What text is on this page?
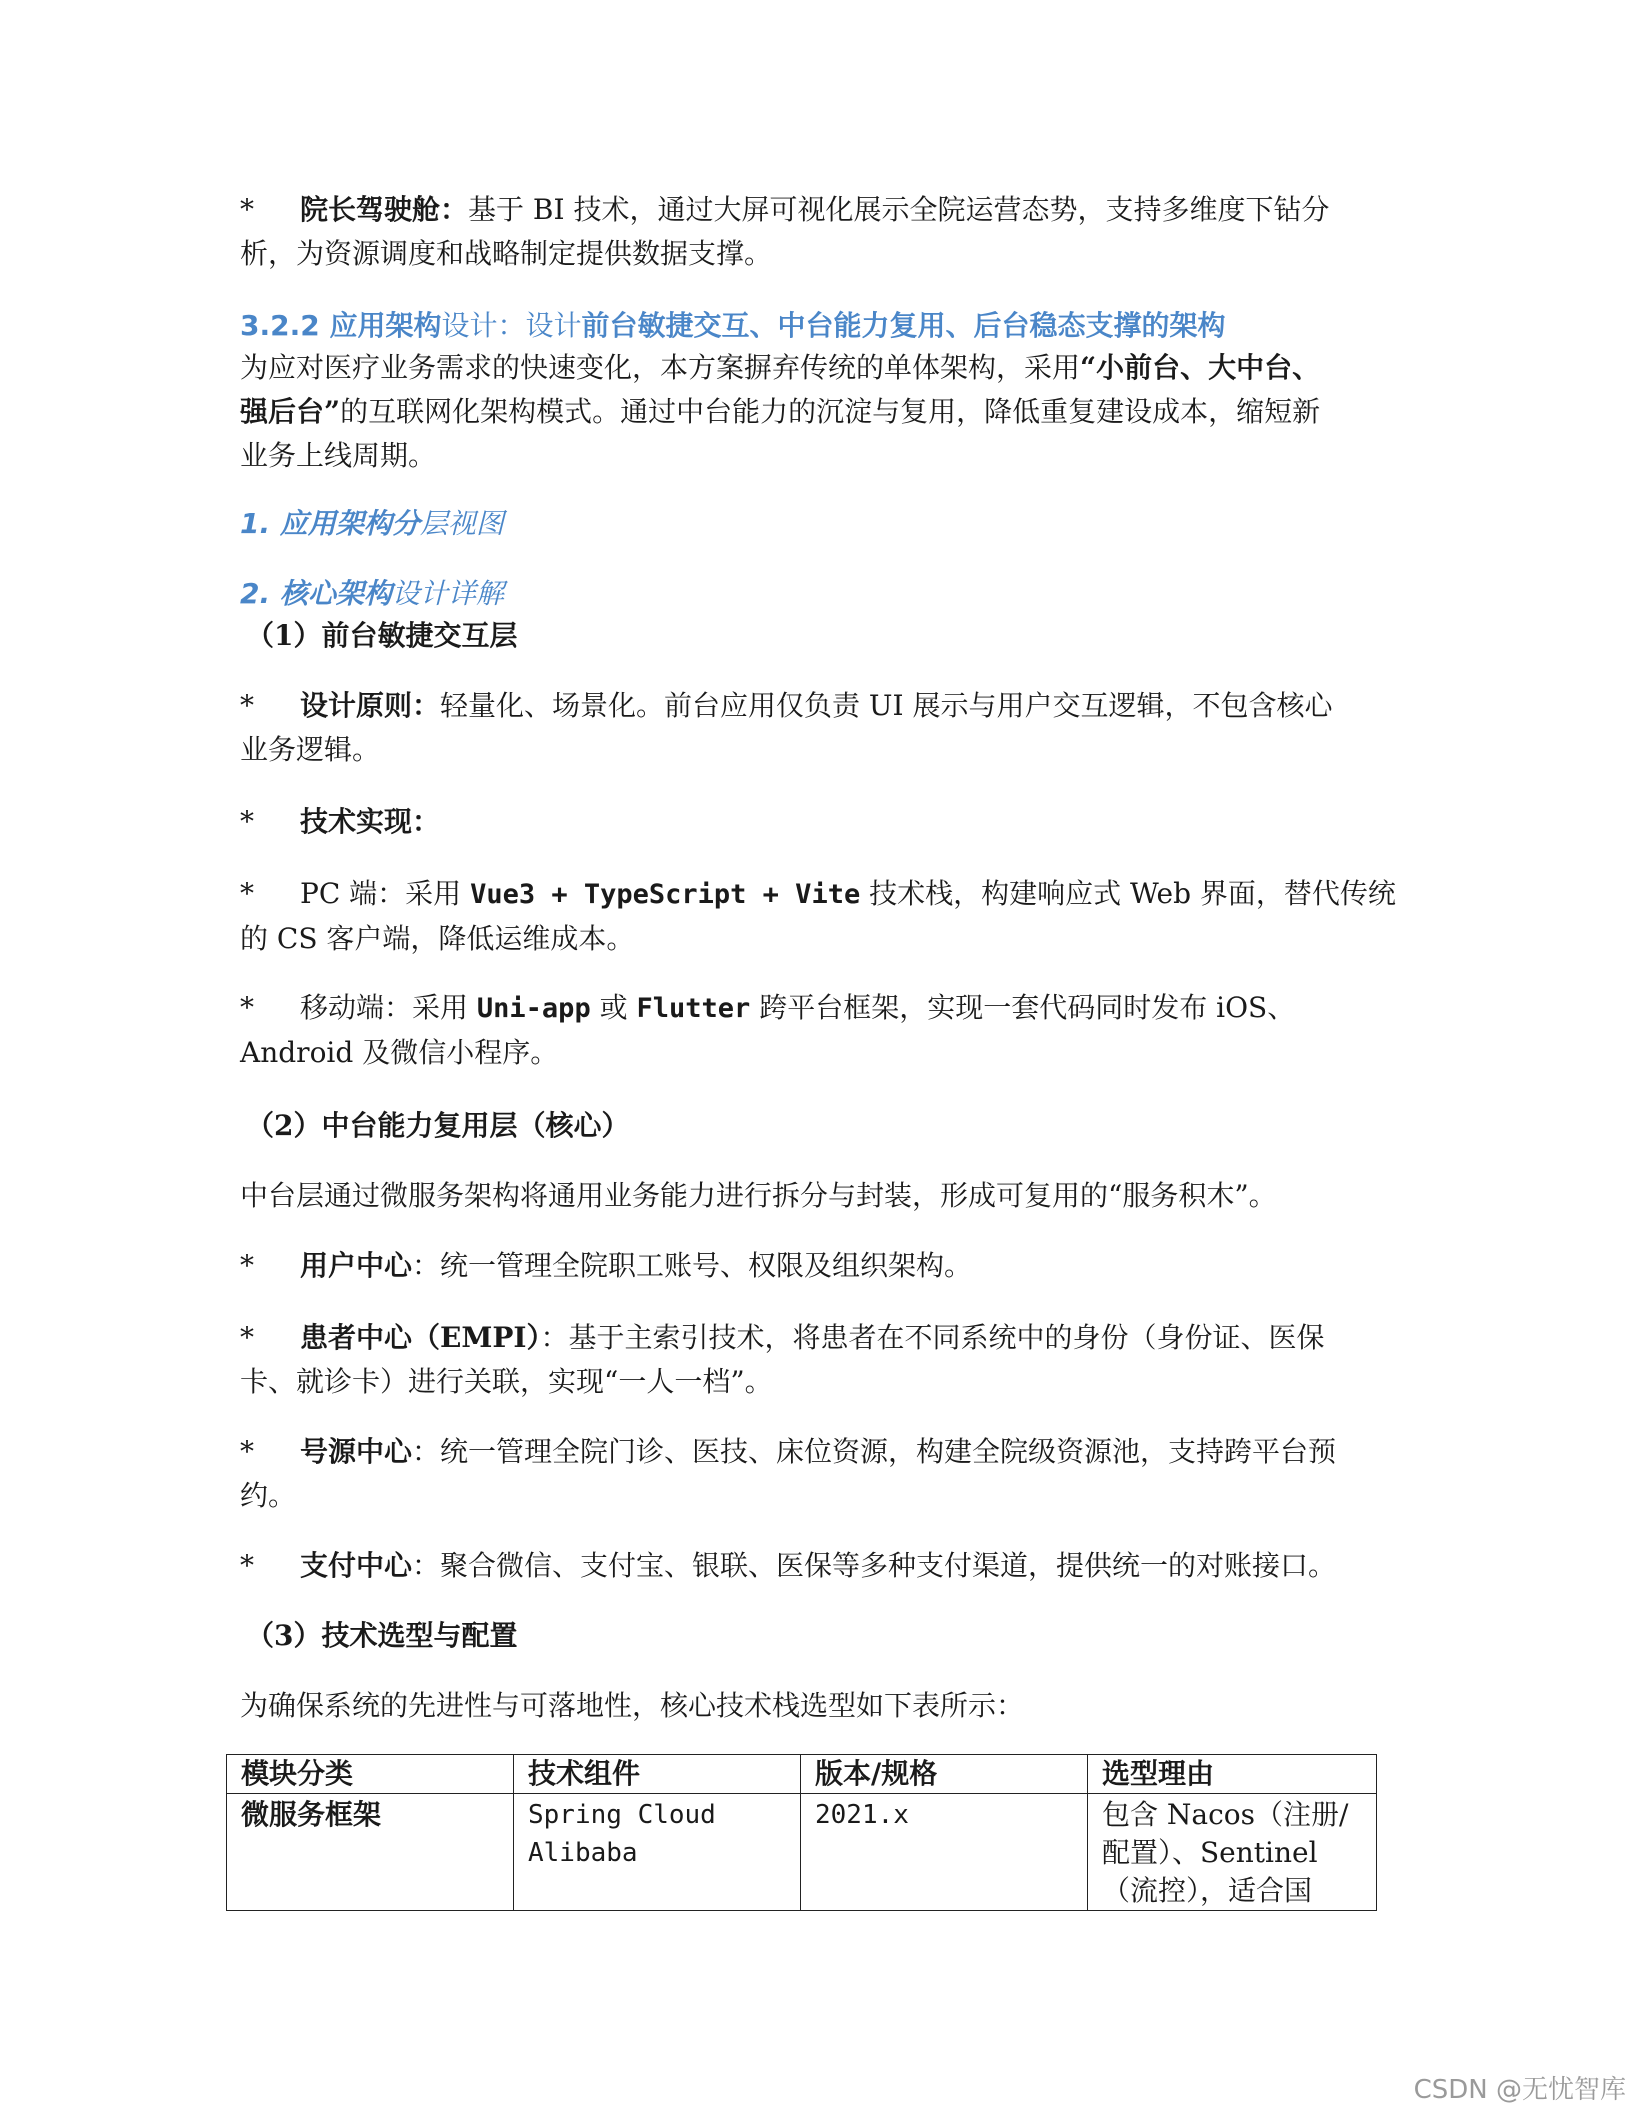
* 院长驾驶舱：基于 BI 技术，通过大屏可视化展示全院运营态势，支持多维度下钻分
析，为资源调度和战略制定提供数据支撑。
3.2.2 应用架构设计：设计前台敏捷交互、中台能力复用、后台稳态支撑的架构
为应对医疗业务需求的快速变化，本方案摒弃传统的单体架构，采用“小前台、大中台、
强后台”的互联网化架构模式。通过中台能力的沉淀与复用，降低重复建设成本，缩短新
业务上线周期。
1. 应用架构分层视图
2. 核心架构设计详解
（1）前台敏捷交互层
* 设计原则：轻量化、场景化。前台应用仅负责 UI 展示与用户交互逻辑，不包含核心
业务逻辑。
* 技术实现：
* PC 端：采用 Vue3 + TypeScript + Vite 技术栈，构建响应式 Web 界面，替代传统
的 CS 客户端，降低运维成本。
* 移动端：采用 Uni-app 或 Flutter 跨平台框架，实现一套代码同时发布 iOS、
Android 及微信小程序。
（2）中台能力复用层（核心）
中台层通过微服务架构将通用业务能力进行拆分与封装，形成可复用的“服务积木”。
* 用户中心：统一管理全院职工账号、权限及组织架构。
* 患者中心（EMPI）：基于主索引技术，将患者在不同系统中的身份（身份证、医保
卡、就诊卡）进行关联，实现“一人一档”。
* 号源中心：统一管理全院门诊、医技、床位资源，构建全院级资源池，支持跨平台预
约。
* 支付中心：聚合微信、支付宝、银联、医保等多种支付渠道，提供统一的对账接口。
（3）技术选型与配置
为确保系统的先进性与可落地性，核心技术栈选型如下表所示：
模块分类	技术组件	版本/规格	选型理由
微服务框架	Spring Cloud
Alibaba	2021.x	包含 Nacos（注册/
配置）、Sentinel
（流控），适合国
CSDN @无忧智库
